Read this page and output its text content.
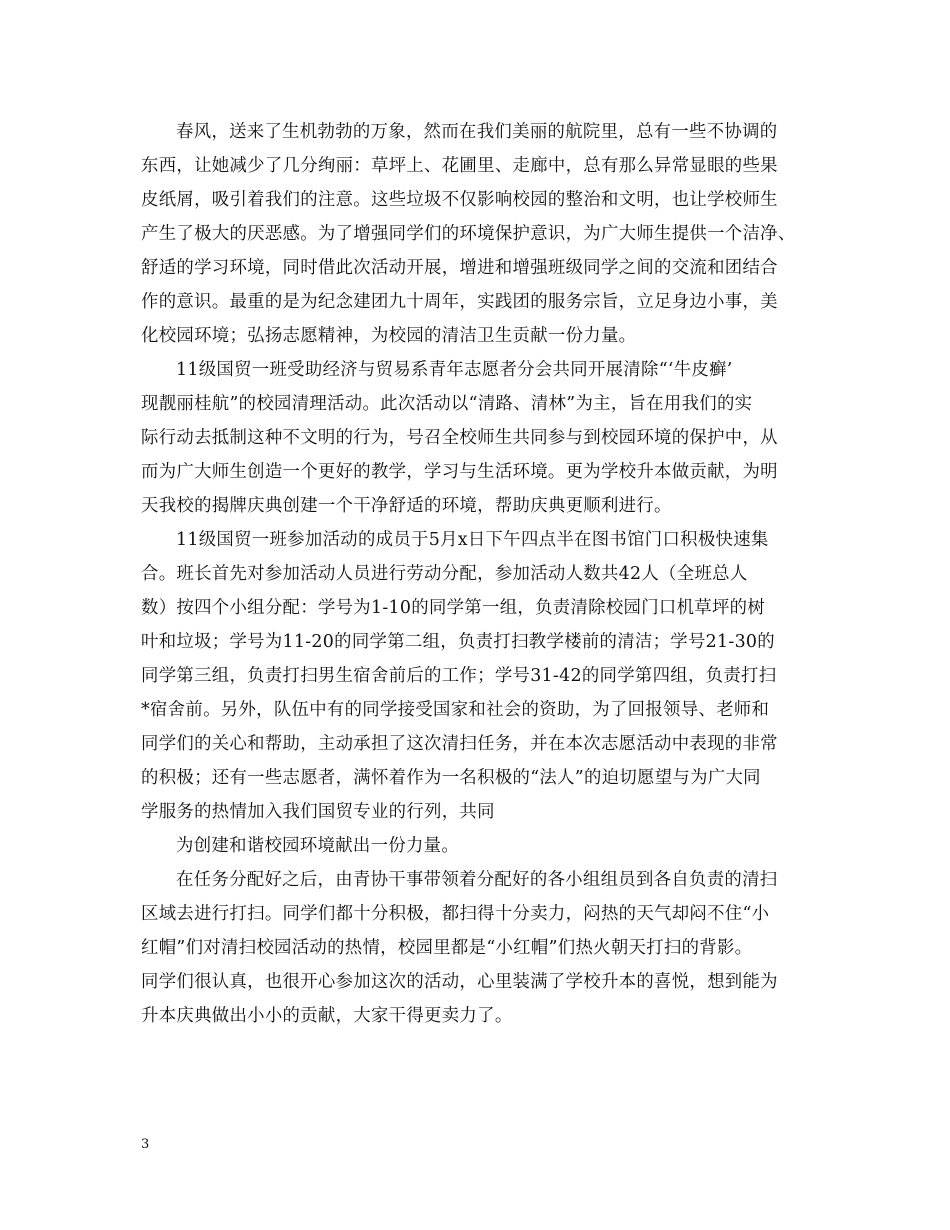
春风，送来了生机勃勃的万象，然而在我们美丽的航院里，总有一些不协调的
东西，让她减少了几分绚丽：草坪上、花圃里、走廊中，总有那么异常显眼的些果
皮纸屑，吸引着我们的注意。这些垃圾不仅影响校园的整治和文明，也让学校师生
产生了极大的厌恶感。为了增强同学们的环境保护意识，为广大师生提供一个洁净、
舒适的学习环境，同时借此次活动开展，增进和增强班级同学之间的交流和团结合
作的意识。最重的是为纪念建团九十周年，实践团的服务宗旨，立足身边小事，美
化校园环境；弘扬志愿精神，为校园的清洁卫生贡献一份力量。
11级国贸一班受助经济与贸易系青年志愿者分会共同开展清除“‘牛皮癣’
现靓丽桂航”的校园清理活动。此次活动以“清路、清林”为主，旨在用我们的实
际行动去抵制这种不文明的行为，号召全校师生共同参与到校园环境的保护中，从
而为广大师生创造一个更好的教学，学习与生活环境。更为学校升本做贡献，为明
天我校的揭牌庆典创建一个干净舒适的环境，帮助庆典更顺利进行。
11级国贸一班参加活动的成员于5月x日下午四点半在图书馆门口积极快速集
合。班长首先对参加活动人员进行劳动分配，参加活动人数共42人（全班总人
数）按四个小组分配：学号为1-10的同学第一组，负责清除校园门口机草坪的树
叶和垃圾；学号为11-20的同学第二组，负责打扫教学楼前的清洁；学号21-30的
同学第三组，负责打扫男生宿舍前后的工作；学号31-42的同学第四组，负责打扫
*宿舍前。另外，队伍中有的同学接受国家和社会的资助，为了回报领导、老师和
同学们的关心和帮助，主动承担了这次清扫任务，并在本次志愿活动中表现的非常
的积极；还有一些志愿者，满怀着作为一名积极的“法人”的迫切愿望与为广大同
学服务的热情加入我们国贸专业的行列，共同
为创建和谐校园环境献出一份力量。
在任务分配好之后，由青协干事带领着分配好的各小组组员到各自负责的清扫
区域去进行打扫。同学们都十分积极，都扫得十分卖力，闷热的天气却闷不住“小
红帽”们对清扫校园活动的热情，校园里都是“小红帽”们热火朝天打扫的背影。
同学们很认真，也很开心参加这次的活动，心里装满了学校升本的喜悦，想到能为
升本庆典做出小小的贡献，大家干得更卖力了。
3
